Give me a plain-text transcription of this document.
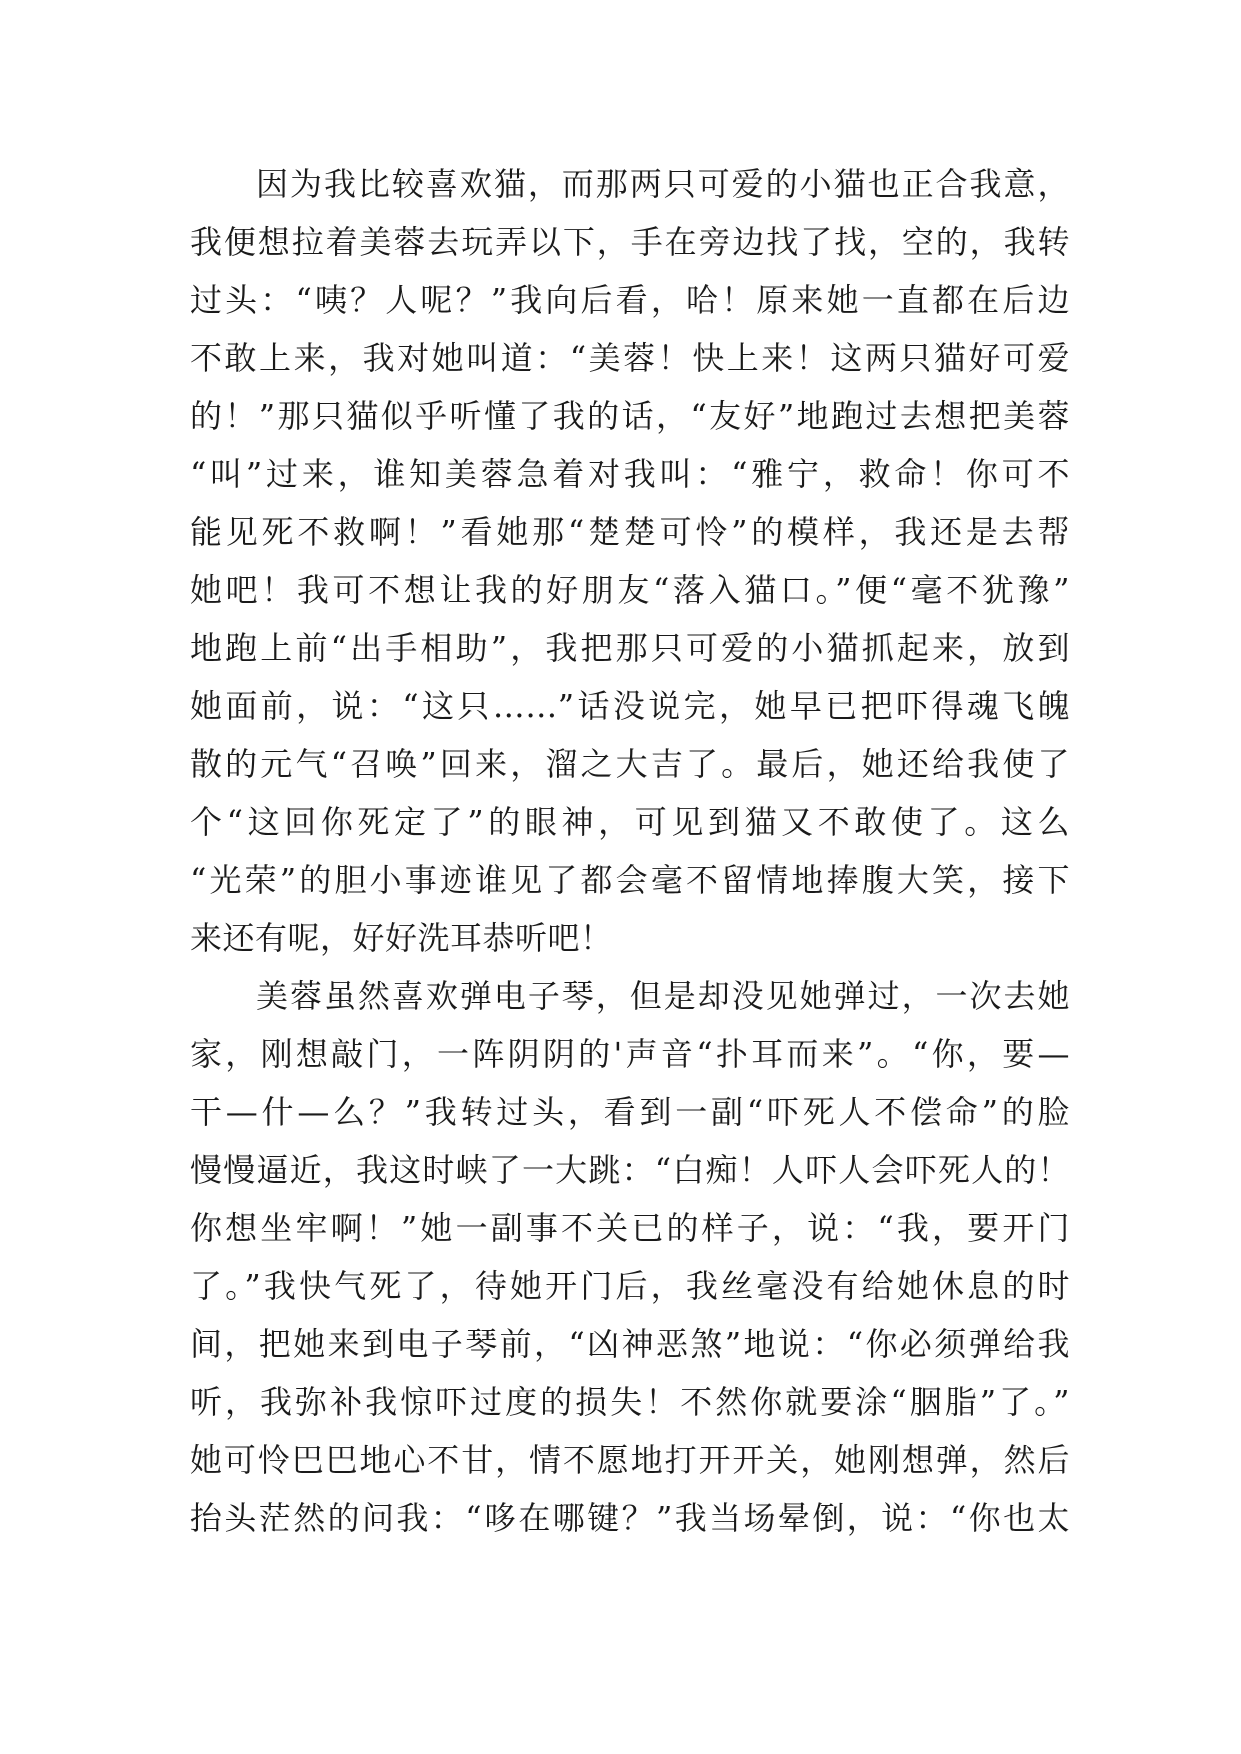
因为我比较喜欢猫，而那两只可爱的小猫也正合我意，
我便想拉着美蓉去玩弄以下，手在旁边找了找，空的，我转
过头：“咦？人呢？”我向后看，哈！原来她一直都在后边
不敢上来，我对她叫道：“美蓉！快上来！这两只猫好可爱
的！”那只猫似乎听懂了我的话，“友好”地跑过去想把美蓉
“叫”过来，谁知美蓉急着对我叫：“雅宁，救命！你可不
能见死不救啊！”看她那“楚楚可怜”的模样，我还是去帮
她吧！我可不想让我的好朋友“落入猫口。”便“毫不犹豫”
地跑上前“出手相助”，我把那只可爱的小猫抓起来，放到
她面前，说：“这只……”话没说完，她早已把吓得魂飞魄
散的元气“召唤”回来，溜之大吉了。最后，她还给我使了
个“这回你死定了”的眼神，可见到猫又不敢使了。这么
“光荣”的胆小事迹谁见了都会毫不留情地捧腹大笑，接下
来还有呢，好好洗耳恭听吧！
美蓉虽然喜欢弹电子琴，但是却没见她弹过，一次去她
家，刚想敲门，一阵阴阴的'声音“扑耳而来”。“你，要—
干—什—么？”我转过头，看到一副“吓死人不偿命”的脸
慢慢逼近，我这时峡了一大跳：“白痴！人吓人会吓死人的！
你想坐牢啊！”她一副事不关已的样子，说：“我，要开门
了。”我快气死了，待她开门后，我丝毫没有给她休息的时
间，把她来到电子琴前，“凶神恶煞”地说：“你必须弹给我
听，我弥补我惊吓过度的损失！不然你就要涂“胭脂”了。”
她可怜巴巴地心不甘，情不愿地打开开关，她刚想弹，然后
抬头茫然的问我：“哆在哪键？”我当场晕倒，说：“你也太
